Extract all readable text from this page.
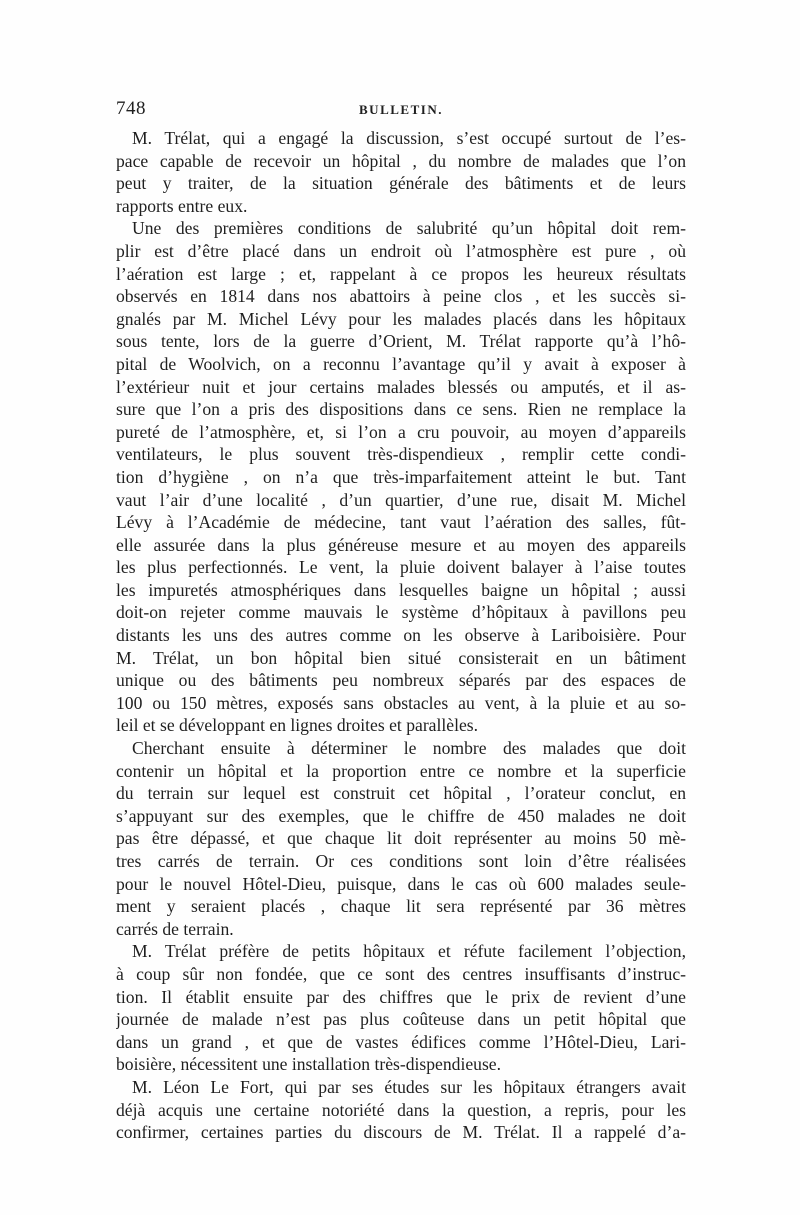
748	BULLETIN.
M. Trélat, qui a engagé la discussion, s’est occupé surtout de l’es-
pace capable de recevoir un hôpital , du nombre de malades que l’on
peut y traiter, de la situation générale des bâtiments et de leurs
rapports entre eux.
Une des premières conditions de salubrité qu’un hôpital doit rem-
plir est d’être placé dans un endroit où l’atmosphère est pure , où
l’aération est large ; et, rappelant à ce propos les heureux résultats
observés en 1814 dans nos abattoirs à peine clos , et les succès si-
gnalés par M. Michel Lévy pour les malades placés dans les hôpitaux
sous tente, lors de la guerre d’Orient, M. Trélat rapporte qu’à l’hô-
pital de Woolvich, on a reconnu l’avantage qu’il y avait à exposer à
l’extérieur nuit et jour certains malades blessés ou amputés, et il as-
sure que l’on a pris des dispositions dans ce sens. Rien ne remplace la
pureté de l’atmosphère, et, si l’on a cru pouvoir, au moyen d’appareils
ventilateurs, le plus souvent très-dispendieux , remplir cette condi-
tion d’hygiène , on n’a que très-imparfaitement atteint le but. Tant
vaut l’air d’une localité , d’un quartier, d’une rue, disait M. Michel
Lévy à l’Académie de médecine, tant vaut l’aération des salles, fût-
elle assurée dans la plus généreuse mesure et au moyen des appareils
les plus perfectionnés. Le vent, la pluie doivent balayer à l’aise toutes
les impuretés atmosphériques dans lesquelles baigne un hôpital ; aussi
doit-on rejeter comme mauvais le système d’hôpitaux à pavillons peu
distants les uns des autres comme on les observe à Lariboisière. Pour
M. Trélat, un bon hôpital bien situé consisterait en un bâtiment
unique ou des bâtiments peu nombreux séparés par des espaces de
100 ou 150 mètres, exposés sans obstacles au vent, à la pluie et au so-
leil et se développant en lignes droites et parallèles.
Cherchant ensuite à déterminer le nombre des malades que doit
contenir un hôpital et la proportion entre ce nombre et la superficie
du terrain sur lequel est construit cet hôpital , l’orateur conclut, en
s’appuyant sur des exemples, que le chiffre de 450 malades ne doit
pas être dépassé, et que chaque lit doit représenter au moins 50 mè-
tres carrés de terrain. Or ces conditions sont loin d’être réalisées
pour le nouvel Hôtel-Dieu, puisque, dans le cas où 600 malades seule-
ment y seraient placés , chaque lit sera représenté par 36 mètres
carrés de terrain.
M. Trélat préfère de petits hôpitaux et réfute facilement l’objection,
à coup sûr non fondée, que ce sont des centres insuffisants d’instruc-
tion. Il établit ensuite par des chiffres que le prix de revient d’une
journée de malade n’est pas plus coûteuse dans un petit hôpital que
dans un grand , et que de vastes édifices comme l’Hôtel-Dieu, Lari-
boisière, nécessitent une installation très-dispendieuse.
M. Léon Le Fort, qui par ses études sur les hôpitaux étrangers avait
déjà acquis une certaine notoriété dans la question, a repris, pour les
confirmer, certaines parties du discours de M. Trélat. Il a rappelé d’a-
